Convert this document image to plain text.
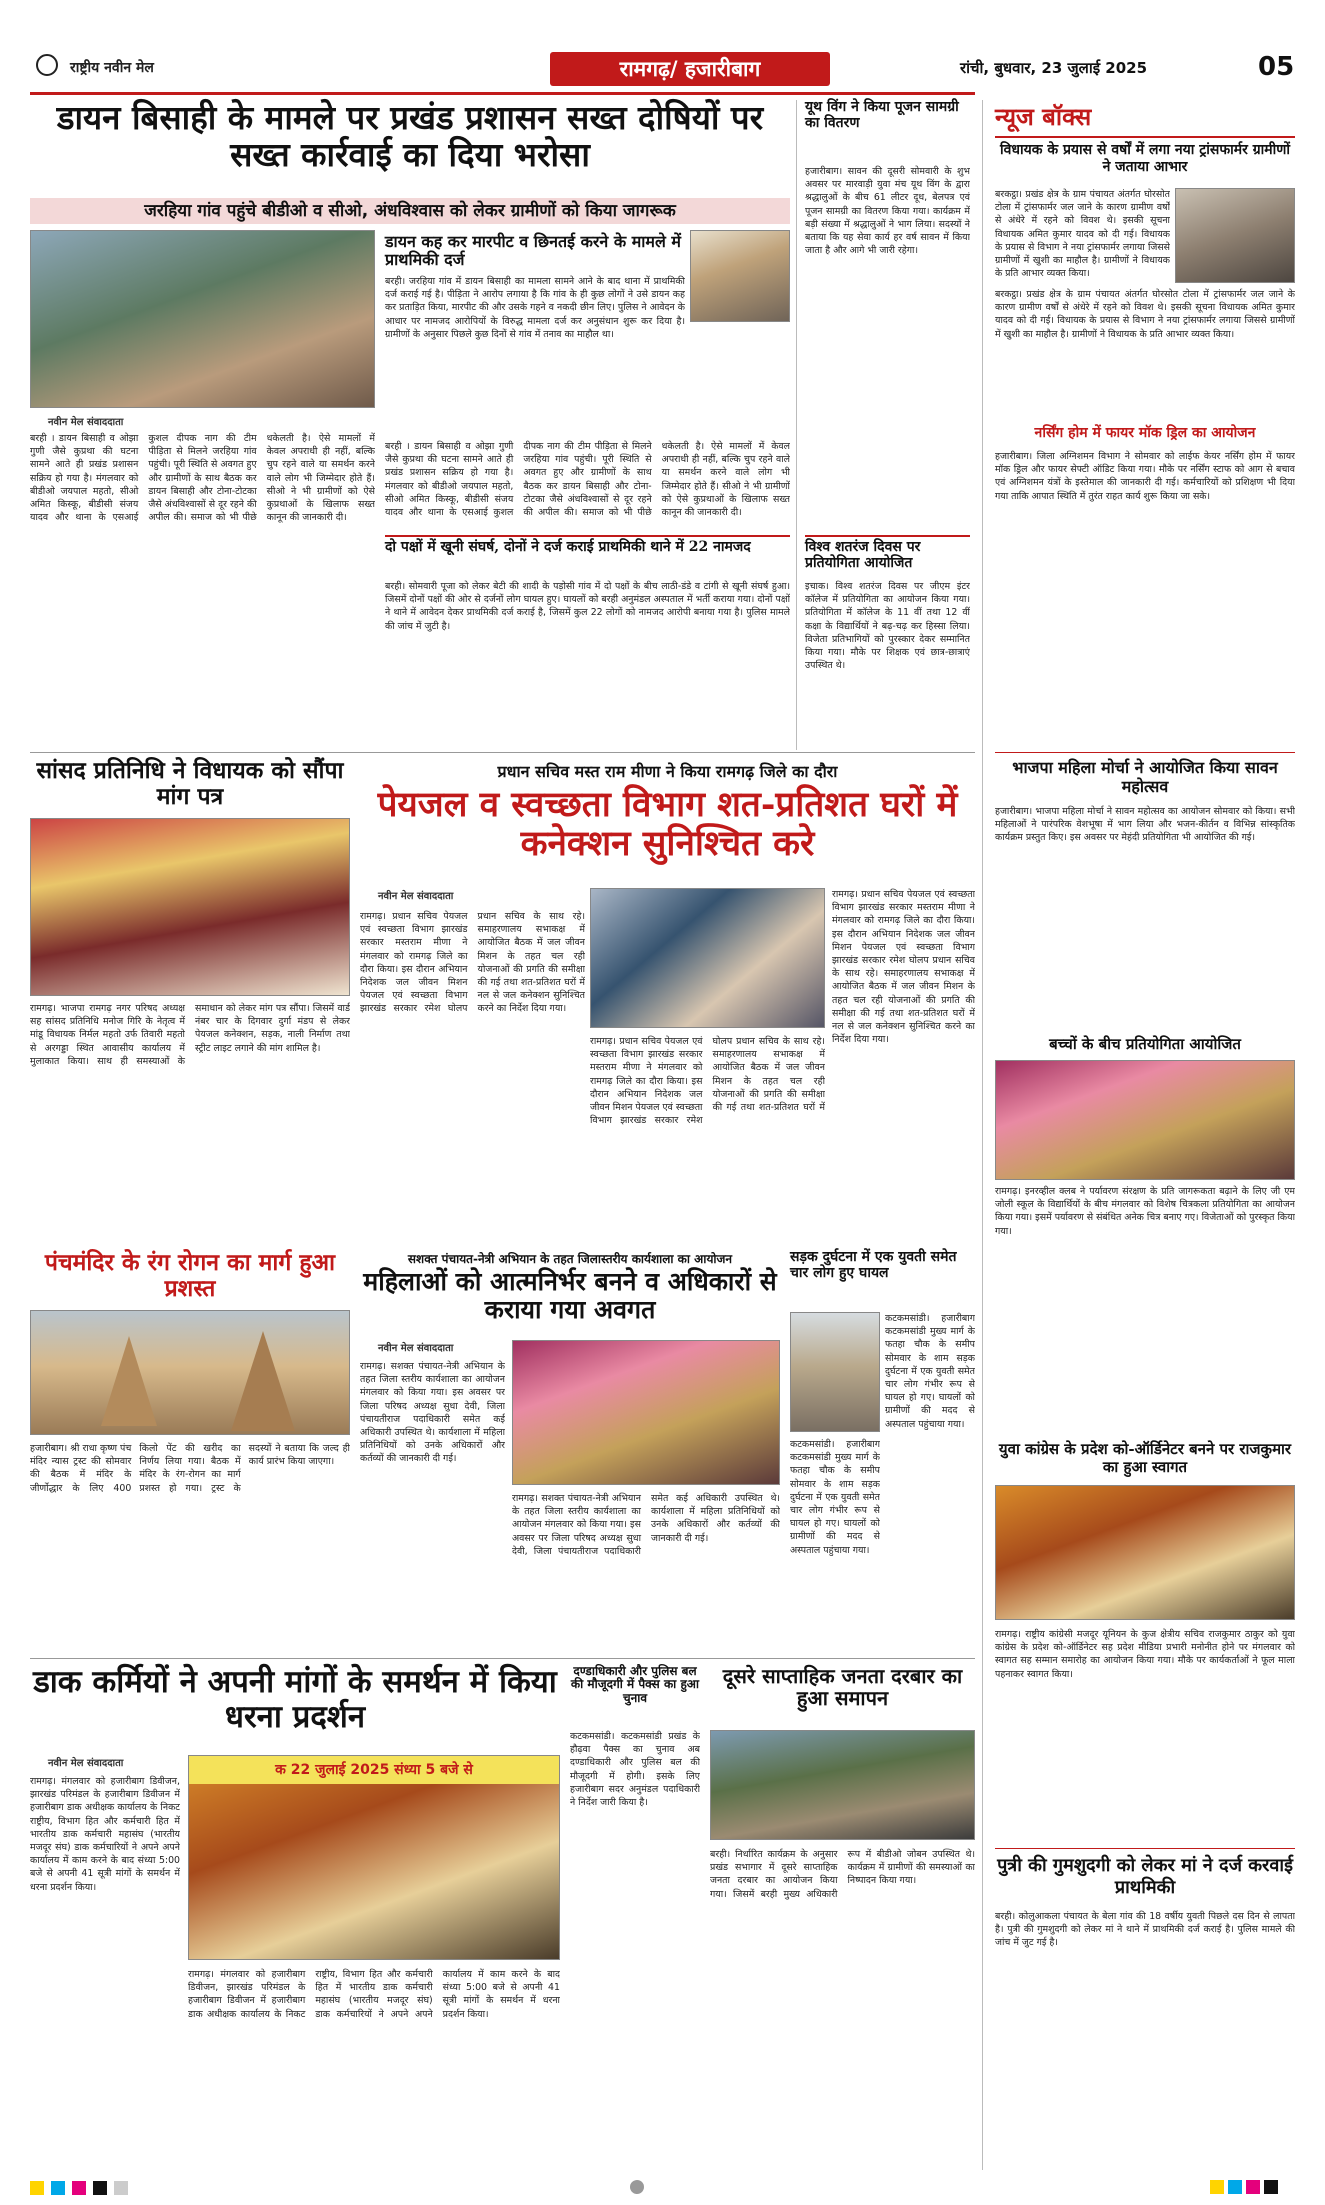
राष्ट्रीय नवीन मेल	रामगढ़/ हजारीबाग	रांची, बुधवार, 23 जुलाई 2025	05
डायन बिसाही के मामले पर प्रखंड प्रशासन सख्त दोषियों पर सख्त कार्रवाई का दिया भरोसा
जरहिया गांव पहुंचे बीडीओ व सीओ, अंधविश्वास को लेकर ग्रामीणों को किया जागरूक
नवीन मेल संवाददाता
बरही । डायन बिसाही व ओझा गुणी जैसे कुप्रथा की घटना सामने आते ही प्रखंड प्रशासन सक्रिय हो गया है। मंगलवार को बीडीओ जयपाल महतो, सीओ अमित किस्कू, बीडीसी संजय यादव और थाना के एसआई कुशल दीपक नाग की टीम पीड़िता से मिलने जरहिया गांव पहुंची। पूरी स्थिति से अवगत हुए और ग्रामीणों के साथ बैठक कर डायन बिसाही और टोना-टोटका जैसे अंधविश्वासों से दूर रहने की अपील की। समाज को भी पीछे धकेलती है। ऐसे मामलों में केवल अपराधी ही नहीं, बल्कि चुप रहने वाले या समर्थन करने वाले लोग भी जिम्मेदार होते हैं। सीओ ने भी ग्रामीणों को ऐसे कुप्रथाओं के खिलाफ सख्त कानून की जानकारी दी।
डायन कह कर मारपीट व छिनतई करने के मामले में प्राथमिकी दर्ज
बरही। जरहिया गांव में डायन बिसाही का मामला सामने आने के बाद थाना में प्राथमिकी दर्ज कराई गई है। पीड़िता ने आरोप लगाया है कि गांव के ही कुछ लोगों ने उसे डायन कह कर प्रताड़ित किया, मारपीट की और उसके गहने व नकदी छीन लिए। पुलिस ने आवेदन के आधार पर नामजद आरोपियों के विरुद्ध मामला दर्ज कर अनुसंधान शुरू कर दिया है। ग्रामीणों के अनुसार पिछले कुछ दिनों से गांव में तनाव का माहौल था।
बरही । डायन बिसाही व ओझा गुणी जैसे कुप्रथा की घटना सामने आते ही प्रखंड प्रशासन सक्रिय हो गया है। मंगलवार को बीडीओ जयपाल महतो, सीओ अमित किस्कू, बीडीसी संजय यादव और थाना के एसआई कुशल दीपक नाग की टीम पीड़िता से मिलने जरहिया गांव पहुंची। पूरी स्थिति से अवगत हुए और ग्रामीणों के साथ बैठक कर डायन बिसाही और टोना-टोटका जैसे अंधविश्वासों से दूर रहने की अपील की। समाज को भी पीछे धकेलती है। ऐसे मामलों में केवल अपराधी ही नहीं, बल्कि चुप रहने वाले या समर्थन करने वाले लोग भी जिम्मेदार होते हैं। सीओ ने भी ग्रामीणों को ऐसे कुप्रथाओं के खिलाफ सख्त कानून की जानकारी दी।
दो पक्षों में खूनी संघर्ष, दोनों ने दर्ज कराई प्राथमिकी थाने में 22 नामजद
बरही। सोमवारी पूजा को लेकर बेटी की शादी के पड़ोसी गांव में दो पक्षों के बीच लाठी-डंडे व टांगी से खूनी संघर्ष हुआ। जिसमें दोनों पक्षों की ओर से दर्जनों लोग घायल हुए। घायलों को बरही अनुमंडल अस्पताल में भर्ती कराया गया। दोनों पक्षों ने थाने में आवेदन देकर प्राथमिकी दर्ज कराई है, जिसमें कुल 22 लोगों को नामजद आरोपी बनाया गया है। पुलिस मामले की जांच में जुटी है।
यूथ विंग ने किया पूजन सामग्री का वितरण
हजारीबाग। सावन की दूसरी सोमवारी के शुभ अवसर पर मारवाड़ी युवा मंच यूथ विंग के द्वारा श्रद्धालुओं के बीच 61 लीटर दूध, बेलपत्र एवं पूजन सामग्री का वितरण किया गया। कार्यक्रम में बड़ी संख्या में श्रद्धालुओं ने भाग लिया। सदस्यों ने बताया कि यह सेवा कार्य हर वर्ष सावन में किया जाता है और आगे भी जारी रहेगा।
विश्व शतरंज दिवस पर प्रतियोगिता आयोजित
इचाक। विश्व शतरंज दिवस पर जीएम इंटर कॉलेज में प्रतियोगिता का आयोजन किया गया। प्रतियोगिता में कॉलेज के 11 वीं तथा 12 वीं कक्षा के विद्यार्थियों ने बढ़-चढ़ कर हिस्सा लिया। विजेता प्रतिभागियों को पुरस्कार देकर सम्मानित किया गया। मौके पर शिक्षक एवं छात्र-छात्राएं उपस्थित थे।
सांसद प्रतिनिधि ने विधायक को सौंपा मांग पत्र
रामगढ़। भाजपा रामगढ़ नगर परिषद अध्यक्ष सह सांसद प्रतिनिधि मनोज गिरि के नेतृत्व में मांडू विधायक निर्मल महतो उर्फ तिवारी महतो से अरगड्डा स्थित आवासीय कार्यालय में मुलाकात किया। साथ ही समस्याओं के समाधान को लेकर मांग पत्र सौंपा। जिसमें वार्ड नंबर चार के दिगवार दुर्गा मंडप से लेकर पेयजल कनेक्शन, सड़क, नाली निर्माण तथा स्ट्रीट लाइट लगाने की मांग शामिल है।
प्रधान सचिव मस्त राम मीणा ने किया रामगढ़ जिले का दौरा
पेयजल व स्वच्छता विभाग शत-प्रतिशत घरों में कनेक्शन सुनिश्चित करे
नवीन मेल संवाददाता
रामगढ़। प्रधान सचिव पेयजल एवं स्वच्छता विभाग झारखंड सरकार मस्तराम मीणा ने मंगलवार को रामगढ़ जिले का दौरा किया। इस दौरान अभियान निदेशक जल जीवन मिशन पेयजल एवं स्वच्छता विभाग झारखंड सरकार रमेश घोलप प्रधान सचिव के साथ रहे। समाहरणालय सभाकक्ष में आयोजित बैठक में जल जीवन मिशन के तहत चल रही योजनाओं की प्रगति की समीक्षा की गई तथा शत-प्रतिशत घरों में नल से जल कनेक्शन सुनिश्चित करने का निर्देश दिया गया।
रामगढ़। प्रधान सचिव पेयजल एवं स्वच्छता विभाग झारखंड सरकार मस्तराम मीणा ने मंगलवार को रामगढ़ जिले का दौरा किया। इस दौरान अभियान निदेशक जल जीवन मिशन पेयजल एवं स्वच्छता विभाग झारखंड सरकार रमेश घोलप प्रधान सचिव के साथ रहे। समाहरणालय सभाकक्ष में आयोजित बैठक में जल जीवन मिशन के तहत चल रही योजनाओं की प्रगति की समीक्षा की गई तथा शत-प्रतिशत घरों में
रामगढ़। प्रधान सचिव पेयजल एवं स्वच्छता विभाग झारखंड सरकार मस्तराम मीणा ने मंगलवार को रामगढ़ जिले का दौरा किया। इस दौरान अभियान निदेशक जल जीवन मिशन पेयजल एवं स्वच्छता विभाग झारखंड सरकार रमेश घोलप प्रधान सचिव के साथ रहे। समाहरणालय सभाकक्ष में आयोजित बैठक में जल जीवन मिशन के तहत चल रही योजनाओं की प्रगति की समीक्षा की गई तथा शत-प्रतिशत घरों में नल से जल कनेक्शन सुनिश्चित करने का निर्देश दिया गया।
पंचमंदिर के रंग रोगन का मार्ग हुआ प्रशस्त
हजारीबाग। श्री राधा कृष्ण पंच मंदिर न्यास ट्रस्ट की सोमवार की बैठक में मंदिर के जीर्णोद्धार के लिए 400 किलो पेंट की खरीद का निर्णय लिया गया। बैठक में मंदिर के रंग-रोगन का मार्ग प्रशस्त हो गया। ट्रस्ट के सदस्यों ने बताया कि जल्द ही कार्य प्रारंभ किया जाएगा।
सशक्त पंचायत-नेत्री अभियान के तहत जिलास्तरीय कार्यशाला का आयोजन
महिलाओं को आत्मनिर्भर बनने व अधिकारों से कराया गया अवगत
नवीन मेल संवाददाता
रामगढ़। सशक्त पंचायत-नेत्री अभियान के तहत जिला स्तरीय कार्यशाला का आयोजन मंगलवार को किया गया। इस अवसर पर जिला परिषद अध्यक्ष सुधा देवी, जिला पंचायतीराज पदाधिकारी समेत कई अधिकारी उपस्थित थे। कार्यशाला में महिला प्रतिनिधियों को उनके अधिकारों और कर्तव्यों की जानकारी दी गई।
रामगढ़। सशक्त पंचायत-नेत्री अभियान के तहत जिला स्तरीय कार्यशाला का आयोजन मंगलवार को किया गया। इस अवसर पर जिला परिषद अध्यक्ष सुधा देवी, जिला पंचायतीराज पदाधिकारी समेत कई अधिकारी उपस्थित थे। कार्यशाला में महिला प्रतिनिधियों को उनके अधिकारों और कर्तव्यों की जानकारी दी गई।
सड़क दुर्घटना में एक युवती समेत चार लोग हुए घायल
कटकमसांडी। हजारीबाग कटकमसांडी मुख्य मार्ग के फतहा चौक के समीप सोमवार के शाम सड़क दुर्घटना में एक युवती समेत चार लोग गंभीर रूप से घायल हो गए। घायलों को ग्रामीणों की मदद से अस्पताल पहुंचाया गया।
कटकमसांडी। हजारीबाग कटकमसांडी मुख्य मार्ग के फतहा चौक के समीप सोमवार के शाम सड़क दुर्घटना में एक युवती समेत चार लोग गंभीर रूप से घायल हो गए। घायलों को ग्रामीणों की मदद से अस्पताल पहुंचाया गया।
डाक कर्मियों ने अपनी मांगों के समर्थन में किया धरना प्रदर्शन
नवीन मेल संवाददाता
रामगढ़। मंगलवार को हजारीबाग डिवीजन, झारखंड परिमंडल के हजारीबाग डिवीजन में हजारीबाग डाक अधीक्षक कार्यालय के निकट राष्ट्रीय, विभाग हित और कर्मचारी हित में भारतीय डाक कर्मचारी महासंघ (भारतीय मजदूर संघ) डाक कर्मचारियों ने अपने अपने कार्यालय में काम करने के बाद संध्या 5:00 बजे से अपनी 41 सूत्री मांगों के समर्थन में धरना प्रदर्शन किया।
क 22 जुलाई 2025 संध्या 5 बजे से
रामगढ़। मंगलवार को हजारीबाग डिवीजन, झारखंड परिमंडल के हजारीबाग डिवीजन में हजारीबाग डाक अधीक्षक कार्यालय के निकट राष्ट्रीय, विभाग हित और कर्मचारी हित में भारतीय डाक कर्मचारी महासंघ (भारतीय मजदूर संघ) डाक कर्मचारियों ने अपने अपने कार्यालय में काम करने के बाद संध्या 5:00 बजे से अपनी 41 सूत्री मांगों के समर्थन में धरना प्रदर्शन किया।
दण्डाधिकारी और पुलिस बल की मौजूदगी में पैक्स का हुआ चुनाव
कटकमसांडी। कटकमसांडी प्रखंड के हौढ़वा पैक्स का चुनाव अब दण्डाधिकारी और पुलिस बल की मौजूदगी में होगी। इसके लिए हजारीबाग सदर अनुमंडल पदाधिकारी ने निर्देश जारी किया है।
दूसरे साप्ताहिक जनता दरबार का हुआ समापन
बरही। निर्धारित कार्यक्रम के अनुसार प्रखंड सभागार में दूसरे साप्ताहिक जनता दरबार का आयोजन किया गया। जिसमें बरही मुख्य अधिकारी रूप में बीडीओ जोबन उपस्थित थे। कार्यक्रम में ग्रामीणों की समस्याओं का निष्पादन किया गया।
न्यूज बॉक्स
विधायक के प्रयास से वर्षों में लगा नया ट्रांसफार्मर ग्रामीणों ने जताया आभार
बरकट्ठा। प्रखंड क्षेत्र के ग्राम पंचायत अंतर्गत घोरसोत टोला में ट्रांसफार्मर जल जाने के कारण ग्रामीण वर्षों से अंधेरे में रहने को विवश थे। इसकी सूचना विधायक अमित कुमार यादव को दी गई। विधायक के प्रयास से विभाग ने नया ट्रांसफार्मर लगाया जिससे ग्रामीणों में खुशी का माहौल है। ग्रामीणों ने विधायक के प्रति आभार व्यक्त किया।
बरकट्ठा। प्रखंड क्षेत्र के ग्राम पंचायत अंतर्गत घोरसोत टोला में ट्रांसफार्मर जल जाने के कारण ग्रामीण वर्षों से अंधेरे में रहने को विवश थे। इसकी सूचना विधायक अमित कुमार यादव को दी गई। विधायक के प्रयास से विभाग ने नया ट्रांसफार्मर लगाया जिससे ग्रामीणों में खुशी का माहौल है। ग्रामीणों ने विधायक के प्रति आभार व्यक्त किया।
नर्सिंग होम में फायर मॉक ड्रिल का आयोजन
हजारीबाग। जिला अग्निशमन विभाग ने सोमवार को लाईफ केयर नर्सिंग होम में फायर मॉक ड्रिल और फायर सेफ्टी ऑडिट किया गया। मौके पर नर्सिंग स्टाफ को आग से बचाव एवं अग्निशमन यंत्रों के इस्तेमाल की जानकारी दी गई। कर्मचारियों को प्रशिक्षण भी दिया गया ताकि आपात स्थिति में तुरंत राहत कार्य शुरू किया जा सके।
भाजपा महिला मोर्चा ने आयोजित किया सावन महोत्सव
हजारीबाग। भाजपा महिला मोर्चा ने सावन महोत्सव का आयोजन सोमवार को किया। सभी महिलाओं ने पारंपरिक वेशभूषा में भाग लिया और भजन-कीर्तन व विभिन्न सांस्कृतिक कार्यक्रम प्रस्तुत किए। इस अवसर पर मेहंदी प्रतियोगिता भी आयोजित की गई।
बच्चों के बीच प्रतियोगिता आयोजित
रामगढ़। इनरव्हील क्लब ने पर्यावरण संरक्षण के प्रति जागरूकता बढ़ाने के लिए जी एम जोली स्कूल के विद्यार्थियों के बीच मंगलवार को विशेष चित्रकला प्रतियोगिता का आयोजन किया गया। इसमें पर्यावरण से संबंधित अनेक चित्र बनाए गए। विजेताओं को पुरस्कृत किया गया।
युवा कांग्रेस के प्रदेश को-ऑर्डिनेटर बनने पर राजकुमार का हुआ स्वागत
रामगढ़। राष्ट्रीय कांग्रेसी मजदूर यूनियन के कुज क्षेत्रीय सचिव राजकुमार ठाकुर को युवा कांग्रेस के प्रदेश को-ऑर्डिनेटर सह प्रदेश मीडिया प्रभारी मनोनीत होने पर मंगलवार को स्वागत सह सम्मान समारोह का आयोजन किया गया। मौके पर कार्यकर्ताओं ने फूल माला पहनाकर स्वागत किया।
पुत्री की गुमशुदगी को लेकर मां ने दर्ज करवाई प्राथमिकी
बरही। कोलुआकला पंचायत के बेला गांव की 18 वर्षीय युवती पिछले दस दिन से लापता है। पुत्री की गुमशुदगी को लेकर मां ने थाने में प्राथमिकी दर्ज कराई है। पुलिस मामले की जांच में जुट गई है।
